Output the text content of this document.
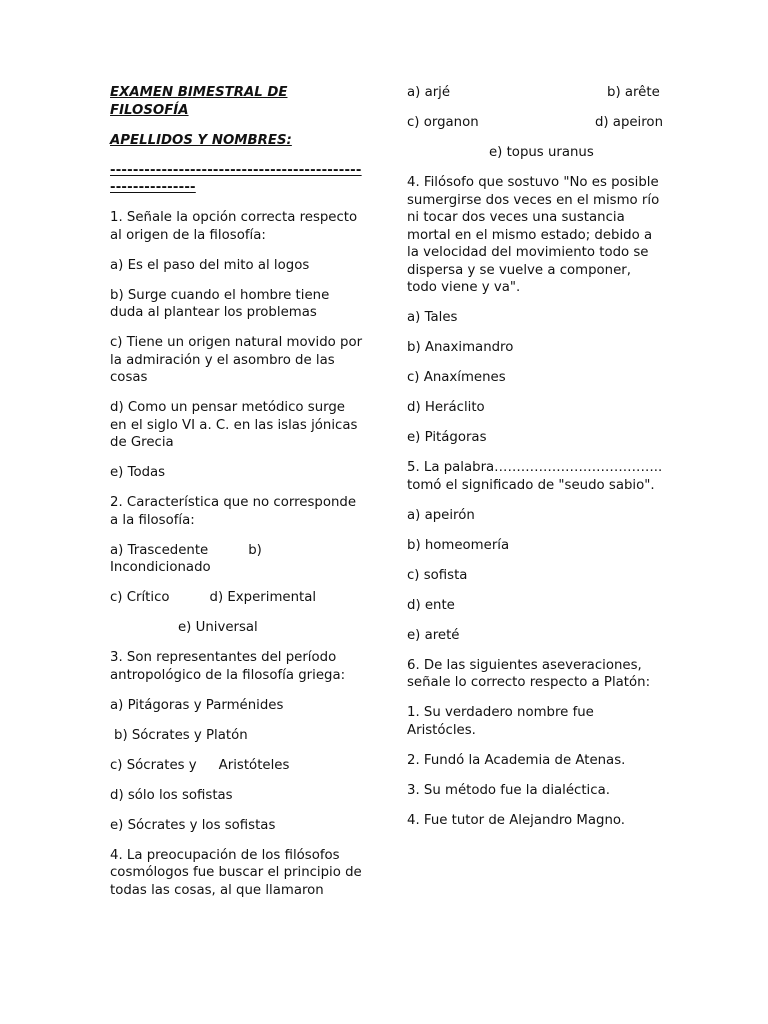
EXAMEN BIMESTRAL DE FILOSOFÍA

APELLIDOS Y NOMBRES:

-----------------------------------------------------------

1. Señale la opción correcta respecto al origen de la filosofía:

a) Es el paso del mito al logos

b) Surge cuando el hombre tiene duda al plantear los problemas

c) Tiene un origen natural movido por la admiración y el asombro de las cosas

d) Como un pensar metódico surge en el siglo VI a. C. en las islas jónicas de Grecia

e) Todas

2. Característica que no corresponde a la filosofía:

a) Trascedente	b) Incondicionado

c) Crítico	d) Experimental

e) Universal

3. Son representantes del período antropológico de la filosofía griega:

a) Pitágoras y Parménides

b) Sócrates y Platón

c) Sócrates y Aristóteles

d) sólo los sofistas

e) Sócrates y los sofistas

4. La preocupación de los filósofos cosmólogos fue buscar el principio de todas las cosas, al que llamaron

a) arjé	b) arête
c) organon	d) apeiron

e) topus uranus

4. Filósofo que sostuvo "No es posible sumergirse dos veces en el mismo río ni tocar dos veces una sustancia mortal en el mismo estado; debido a la velocidad del movimiento todo se dispersa y se vuelve a componer, todo viene y va".

a) Tales

b) Anaximandro

c) Anaxímenes

d) Heráclito

e) Pitágoras

5. La palabra……………………………….. tomó el significado de "seudo sabio".

a) apeirón

b) homeomería

c) sofista

d) ente

e) areté

6. De las siguientes aseveraciones, señale lo correcto respecto a Platón:

1. Su verdadero nombre fue Aristócles.

2. Fundó la Academia de Atenas.

3. Su método fue la dialéctica.

4. Fue tutor de Alejandro Magno.
